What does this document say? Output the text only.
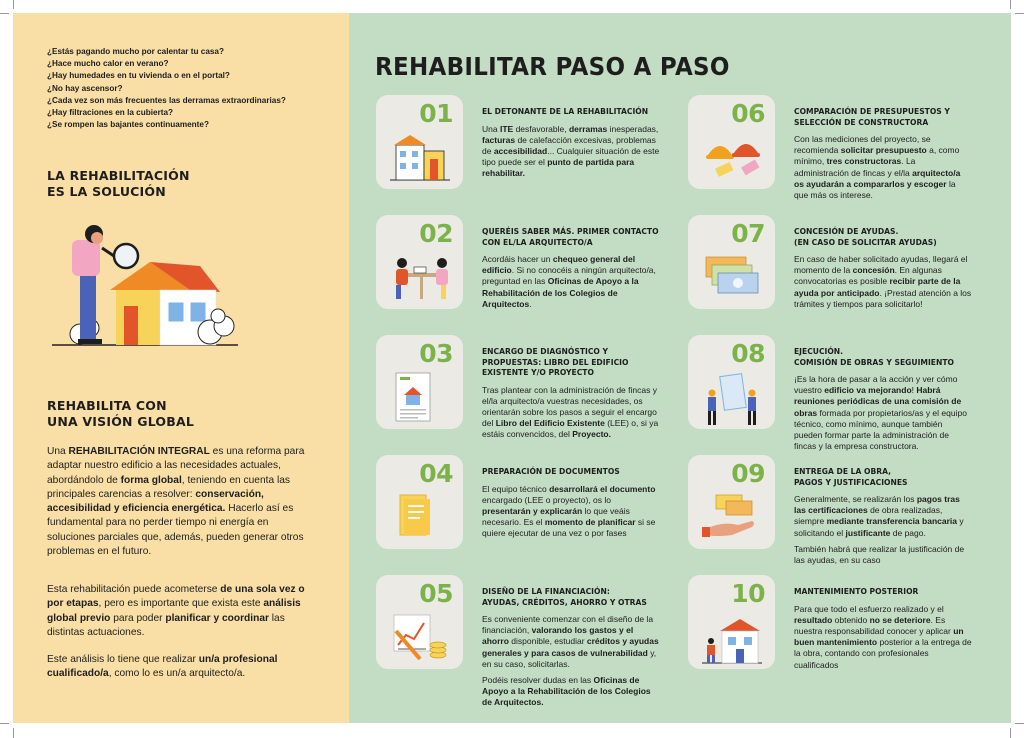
¿Estás pagando mucho por calentar tu casa?
¿Hace mucho calor en verano?
¿Hay humedades en tu vivienda o en el portal?
¿No hay ascensor?
¿Cada vez son más frecuentes las derramas extraordinarias?
¿Hay filtraciones en la cubierta?
¿Se rompen las bajantes continuamente?
LA REHABILITACIÓN
ES LA SOLUCIÓN
REHABILITA CON
UNA VISIÓN GLOBAL
Una REHABILITACIÓN INTEGRAL es una reforma para adaptar nuestro edificio a las necesidades actuales, abordándolo de forma global, teniendo en cuenta las principales carencias a resolver: conservación, accesibilidad y eficiencia energética. Hacerlo así es fundamental para no perder tiempo ni energía en soluciones parciales que, además, pueden generar otros problemas en el futuro.
Esta rehabilitación puede acometerse de una sola vez o por etapas, pero es importante que exista este análisis global previo para poder planificar y coordinar las distintas actuaciones.
Este análisis lo tiene que realizar un/a profesional cualificado/a, como lo es un/a arquitecto/a.
REHABILITAR PASO A PASO
01	EL DETONANTE DE LA REHABILITACIÓN

Una ITE desfavorable, derramas inesperadas, facturas de calefacción excesivas, problemas de accesibilidad... Cualquier situación de este tipo puede ser el punto de partida para rehabilitar.

02	QUERÉIS SABER MÁS. PRIMER CONTACTO
CON EL/LA ARQUITECTO/A

Acordáis hacer un chequeo general del edificio. Si no conocéis a ningún arquitecto/a, preguntad en las Oficinas de Apoyo a la Rehabilitación de los Colegios de Arquitectos.

03	ENCARGO DE DIAGNÓSTICO Y
PROPUESTAS: LIBRO DEL EDIFICIO
EXISTENTE Y/O PROYECTO

Tras plantear con la administración de fincas y el/la arquitecto/a vuestras necesidades, os orientarán sobre los pasos a seguir el encargo del Libro del Edificio Existente (LEE) o, si ya estáis convencidos, del Proyecto.

04	PREPARACIÓN DE DOCUMENTOS

El equipo técnico desarrollará el documento encargado (LEE o proyecto), os lo presentarán y explicarán lo que veáis necesario. Es el momento de planificar si se quiere ejecutar de una vez o por fases

05	DISEÑO DE LA FINANCIACIÓN:
AYUDAS, CRÉDITOS, AHORRO Y OTRAS

Es conveniente comenzar con el diseño de la financiación, valorando los gastos y el ahorro disponible, estudiar créditos y ayudas generales y para casos de vulnerabilidad y, en su caso, solicitarlas.

Podéis resolver dudas en las Oficinas de Apoyo a la Rehabilitación de los Colegios de Arquitectos.

06	COMPARACIÓN DE PRESUPUESTOS Y
SELECCIÓN DE CONSTRUCTORA

Con las mediciones del proyecto, se recomienda solicitar presupuesto a, como mínimo, tres constructoras. La administración de fincas y el/la arquitecto/a os ayudarán a compararlos y escoger la que más os interese.

07	CONCESIÓN DE AYUDAS.
(EN CASO DE SOLICITAR AYUDAS)

En caso de haber solicitado ayudas, llegará el momento de la concesión. En algunas convocatorias es posible recibir parte de la ayuda por anticipado. ¡Prestad atención a los trámites y tiempos para solicitarlo!

08	EJECUCIÓN.
COMISIÓN DE OBRAS Y SEGUIMIENTO

¡Es la hora de pasar a la acción y ver cómo vuestro edificio va mejorando! Habrá reuniones periódicas de una comisión de obras formada por propietarios/as y el equipo técnico, como mínimo, aunque también pueden formar parte la administración de fincas y la empresa constructora.

09	ENTREGA DE LA OBRA,
PAGOS Y JUSTIFICACIONES

Generalmente, se realizarán los pagos tras las certificaciones de obra realizadas, siempre mediante transferencia bancaria y solicitando el justificante de pago.

También habrá que realizar la justificación de las ayudas, en su caso

10	MANTENIMIENTO POSTERIOR

Para que todo el esfuerzo realizado y el resultado obtenido no se deteriore. Es nuestra responsabilidad conocer y aplicar un buen mantenimiento posterior a la entrega de la obra, contando con profesionales cualificados
